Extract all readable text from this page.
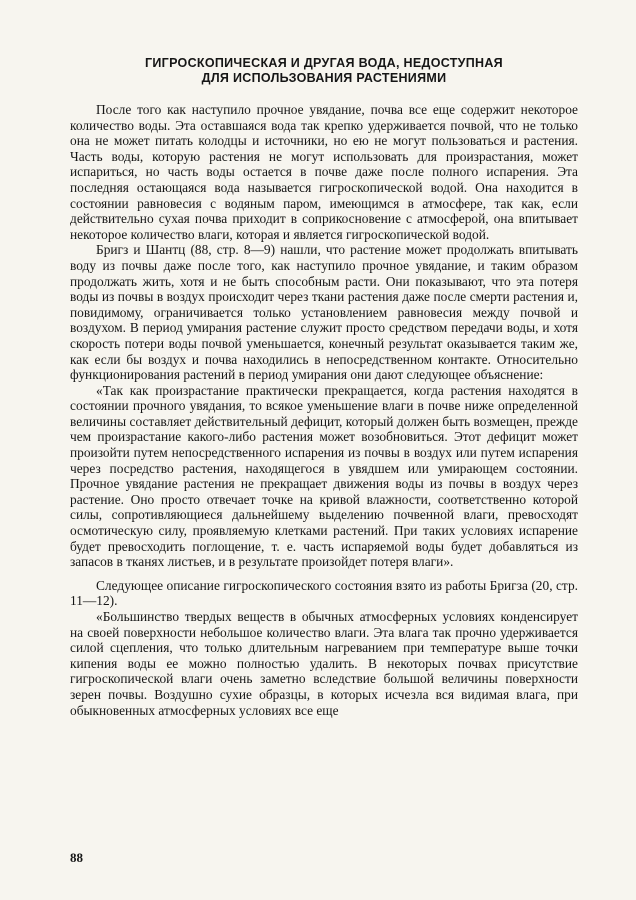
ГИГРОСКОПИЧЕСКАЯ И ДРУГАЯ ВОДА, НЕДОСТУПНАЯ
ДЛЯ ИСПОЛЬЗОВАНИЯ РАСТЕНИЯМИ

После того как наступило прочное увядание, почва все еще содержит некоторое количество воды. Эта оставшаяся вода так крепко удерживается почвой, что не только она не может питать колодцы и источники, но ею не могут пользоваться и растения. Часть воды, которую растения не могут использовать для произрастания, может испариться, но часть воды остается в почве даже после полного испарения. Эта последняя остающаяся вода называется гигроскопической водой. Она находится в состоянии равновесия с водяным паром, имеющимся в атмосфере, так как, если действительно сухая почва приходит в соприкосновение с атмосферой, она впитывает некоторое количество влаги, которая и является гигроскопической водой.

Бригз и Шантц (88, стр. 8—9) нашли, что растение может продолжать впитывать воду из почвы даже после того, как наступило прочное увядание, и таким образом продолжать жить, хотя и не быть способным расти. Они показывают, что эта потеря воды из почвы в воздух происходит через ткани растения даже после смерти растения и, повидимому, ограничивается только установлением равновесия между почвой и воздухом. В период умирания растение служит просто средством передачи воды, и хотя скорость потери воды почвой уменьшается, конечный результат оказывается таким же, как если бы воздух и почва находились в непосредственном контакте. Относительно функционирования растений в период умирания они дают следующее объяснение:

«Так как произрастание практически прекращается, когда растения находятся в состоянии прочного увядания, то всякое уменьшение влаги в почве ниже определенной величины составляет действительный дефицит, который должен быть возмещен, прежде чем произрастание какого-либо растения может возобновиться. Этот дефицит может произойти путем непосредственного испарения из почвы в воздух или путем испарения через посредство растения, находящегося в увядшем или умирающем состоянии. Прочное увядание растения не прекращает движения воды из почвы в воздух через растение. Оно просто отвечает точке на кривой влажности, соответственно которой силы, сопротивляющиеся дальнейшему выделению почвенной влаги, превосходят осмотическую силу, проявляемую клетками растений. При таких условиях испарение будет превосходить поглощение, т. е. часть испаряемой воды будет добавляться из запасов в тканях листьев, и в результате произойдет потеря влаги».

Следующее описание гигроскопического состояния взято из работы Бригза (20, стр. 11—12).

«Большинство твердых веществ в обычных атмосферных условиях конденсирует на своей поверхности небольшое количество влаги. Эта влага так прочно удерживается силой сцепления, что только длительным нагреванием при температуре выше точки кипения воды ее можно полностью удалить. В некоторых почвах присутствие гигроскопической влаги очень заметно вследствие большой величины поверхности зерен почвы. Воздушно сухие образцы, в которых исчезла вся видимая влага, при обыкновенных атмосферных условиях все еще

88
